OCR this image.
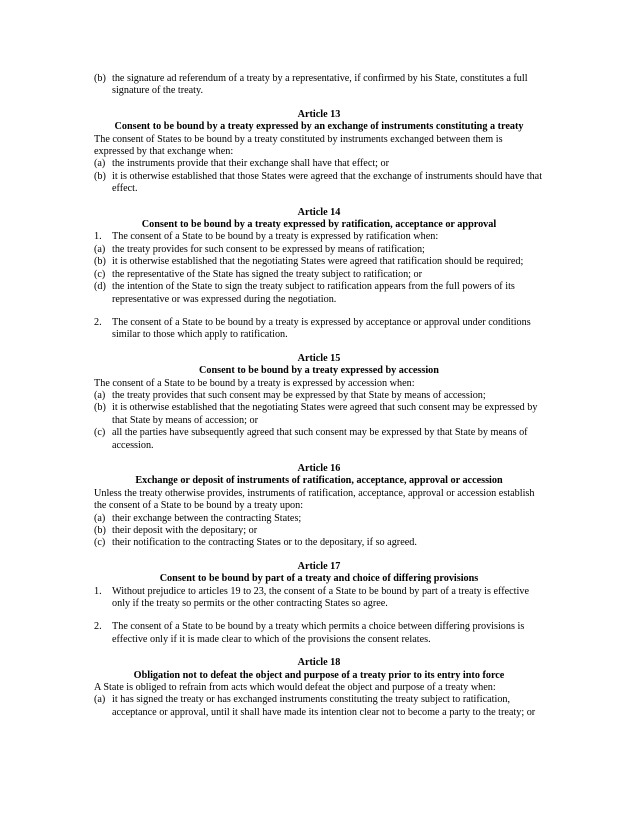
(b) the signature ad referendum of a treaty by a representative, if confirmed by his State, constitutes a full signature of the treaty.
Article 13
Consent to be bound by a treaty expressed by an exchange of instruments constituting a treaty
The consent of States to be bound by a treaty constituted by instruments exchanged between them is expressed by that exchange when:
(a) the instruments provide that their exchange shall have that effect; or
(b) it is otherwise established that those States were agreed that the exchange of instruments should have that effect.
Article 14
Consent to be bound by a treaty expressed by ratification, acceptance or approval
1.	The consent of a State to be bound by a treaty is expressed by ratification when:
(a) the treaty provides for such consent to be expressed by means of ratification;
(b) it is otherwise established that the negotiating States were agreed that ratification should be required;
(c) the representative of the State has signed the treaty subject to ratification; or
(d) the intention of the State to sign the treaty subject to ratification appears from the full powers of its representative or was expressed during the negotiation.
2.	The consent of a State to be bound by a treaty is expressed by acceptance or approval under conditions similar to those which apply to ratification.
Article 15
Consent to be bound by a treaty expressed by accession
The consent of a State to be bound by a treaty is expressed by accession when:
(a) the treaty provides that such consent may be expressed by that State by means of accession;
(b) it is otherwise established that the negotiating States were agreed that such consent may be expressed by that State by means of accession; or
(c) all the parties have subsequently agreed that such consent may be expressed by that State by means of accession.
Article 16
Exchange or deposit of instruments of ratification, acceptance, approval or accession
Unless the treaty otherwise provides, instruments of ratification, acceptance, approval or accession establish the consent of a State to be bound by a treaty upon:
(a) their exchange between the contracting States;
(b) their deposit with the depositary; or
(c) their notification to the contracting States or to the depositary, if so agreed.
Article 17
Consent to be bound by part of a treaty and choice of differing provisions
1.	Without prejudice to articles 19 to 23, the consent of a State to be bound by part of a treaty is effective only if the treaty so permits or the other contracting States so agree.
2.	The consent of a State to be bound by a treaty which permits a choice between differing provisions is effective only if it is made clear to which of the provisions the consent relates.
Article 18
Obligation not to defeat the object and purpose of a treaty prior to its entry into force
A State is obliged to refrain from acts which would defeat the object and purpose of a treaty when:
(a) it has signed the treaty or has exchanged instruments constituting the treaty subject to ratification, acceptance or approval, until it shall have made its intention clear not to become a party to the treaty; or
